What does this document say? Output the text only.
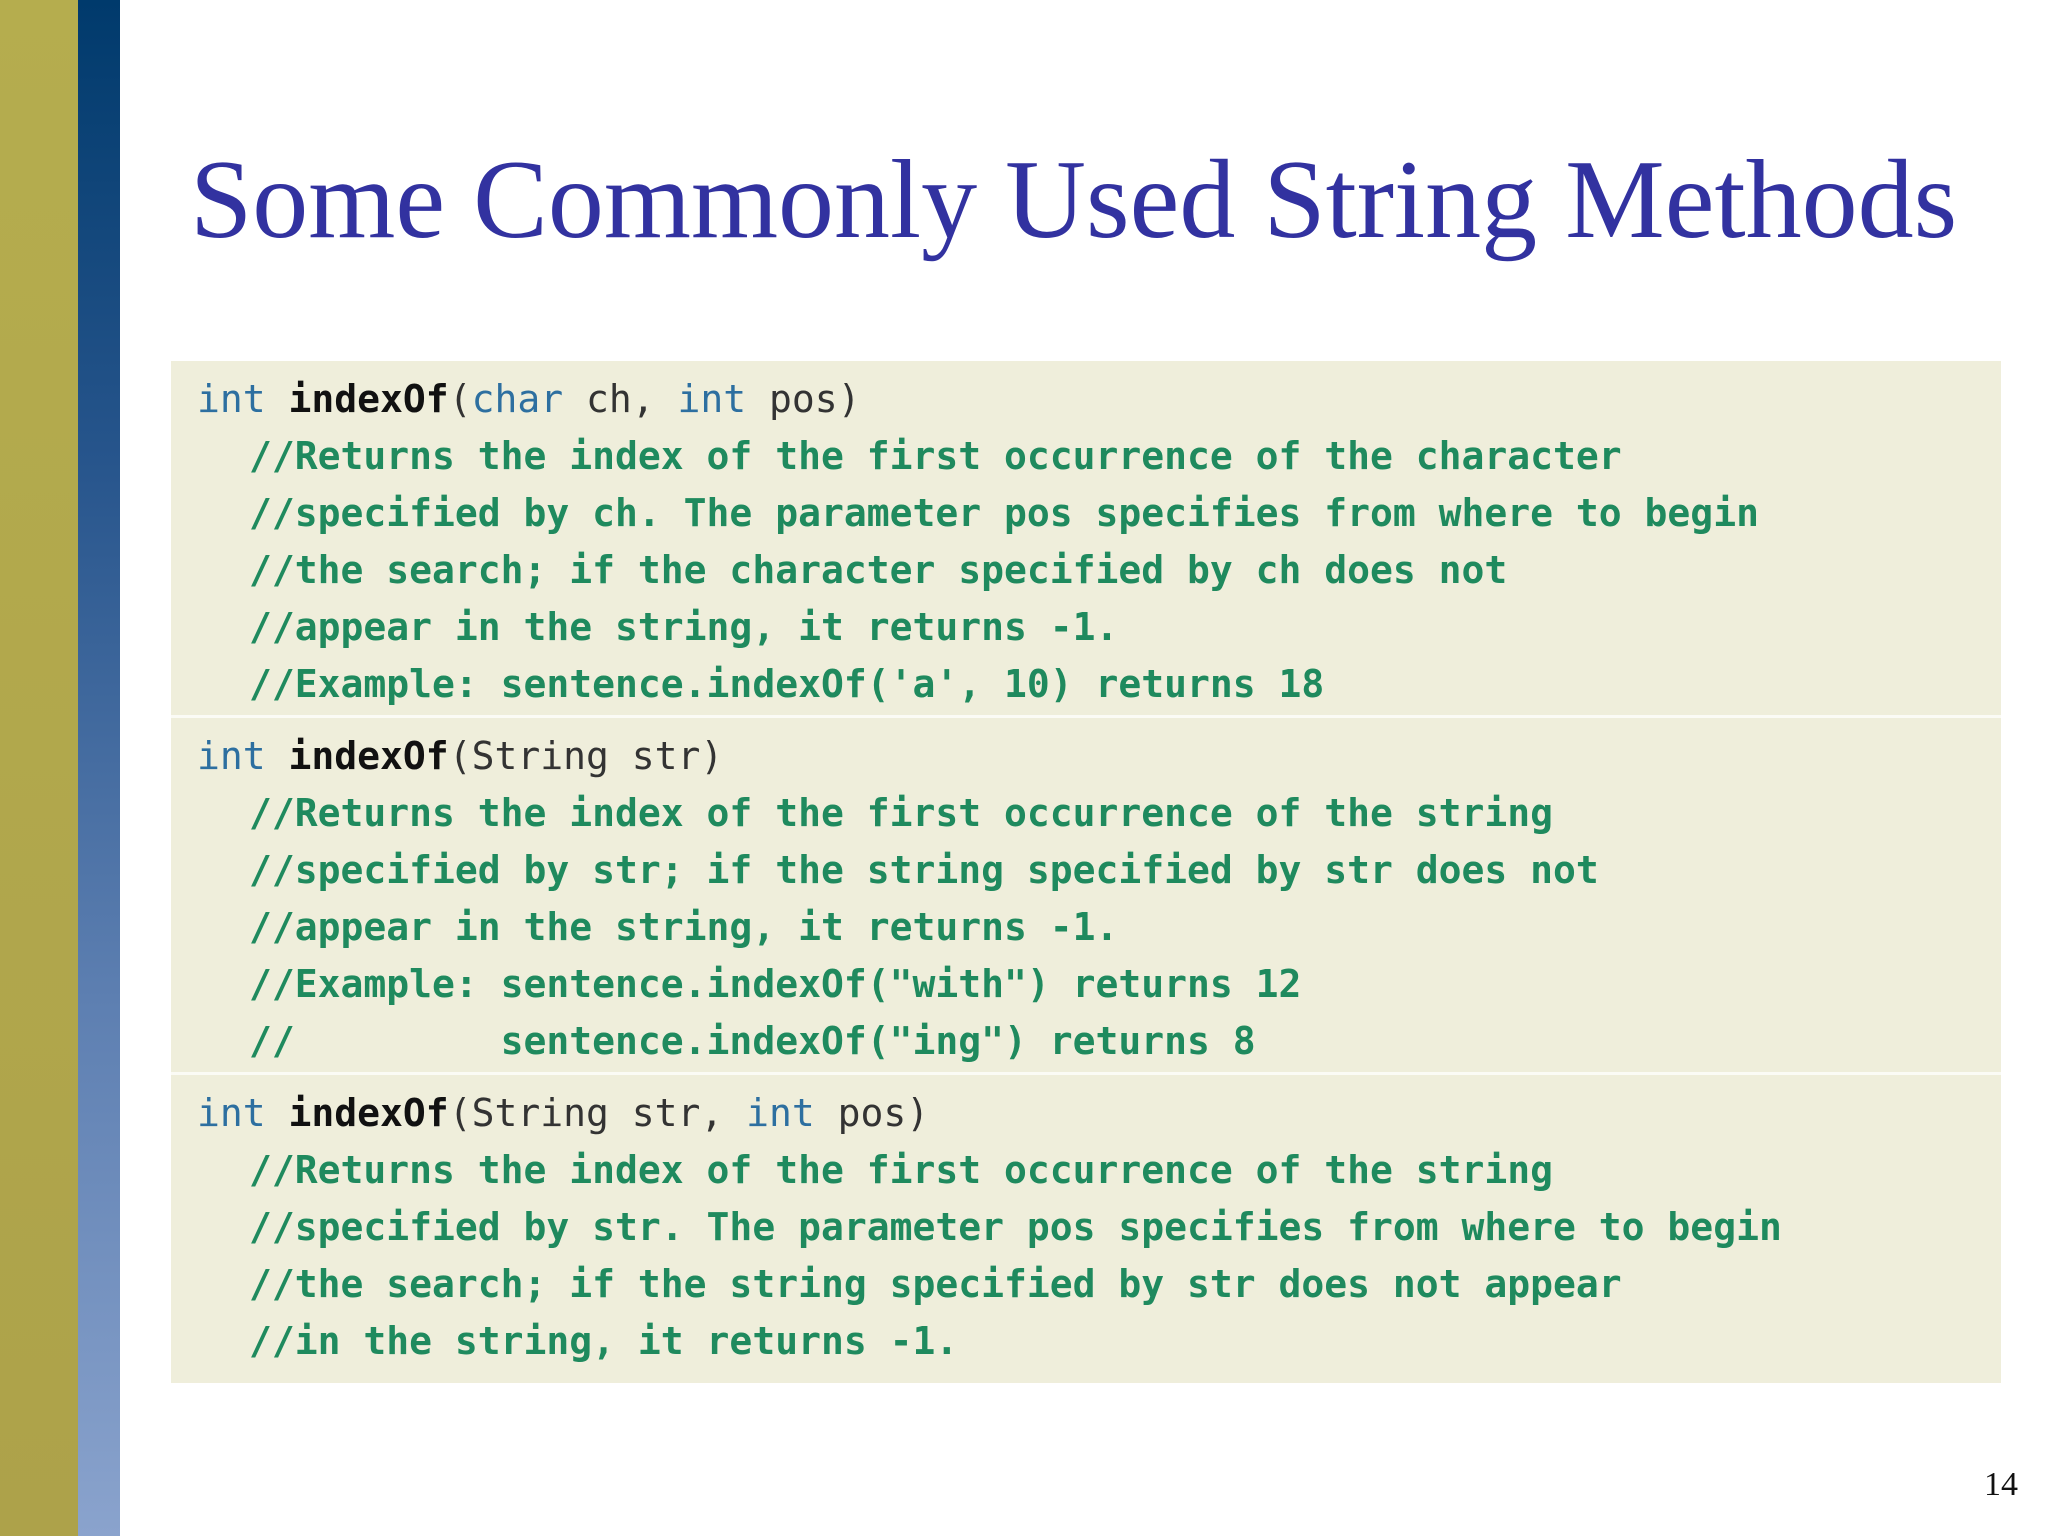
Some Commonly Used String Methods
int indexOf(char ch, int pos)
//Returns the index of the first occurrence of the character
//specified by ch. The parameter pos specifies from where to begin
//the search; if the character specified by ch does not
//appear in the string, it returns -1.
//Example: sentence.indexOf('a', 10) returns 18
int indexOf(String str)
//Returns the index of the first occurrence of the string
//specified by str; if the string specified by str does not
//appear in the string, it returns -1.
//Example: sentence.indexOf("with") returns 12
//         sentence.indexOf("ing") returns 8
int indexOf(String str, int pos)
//Returns the index of the first occurrence of the string
//specified by str. The parameter pos specifies from where to begin
//the search; if the string specified by str does not appear
//in the string, it returns -1.
14
